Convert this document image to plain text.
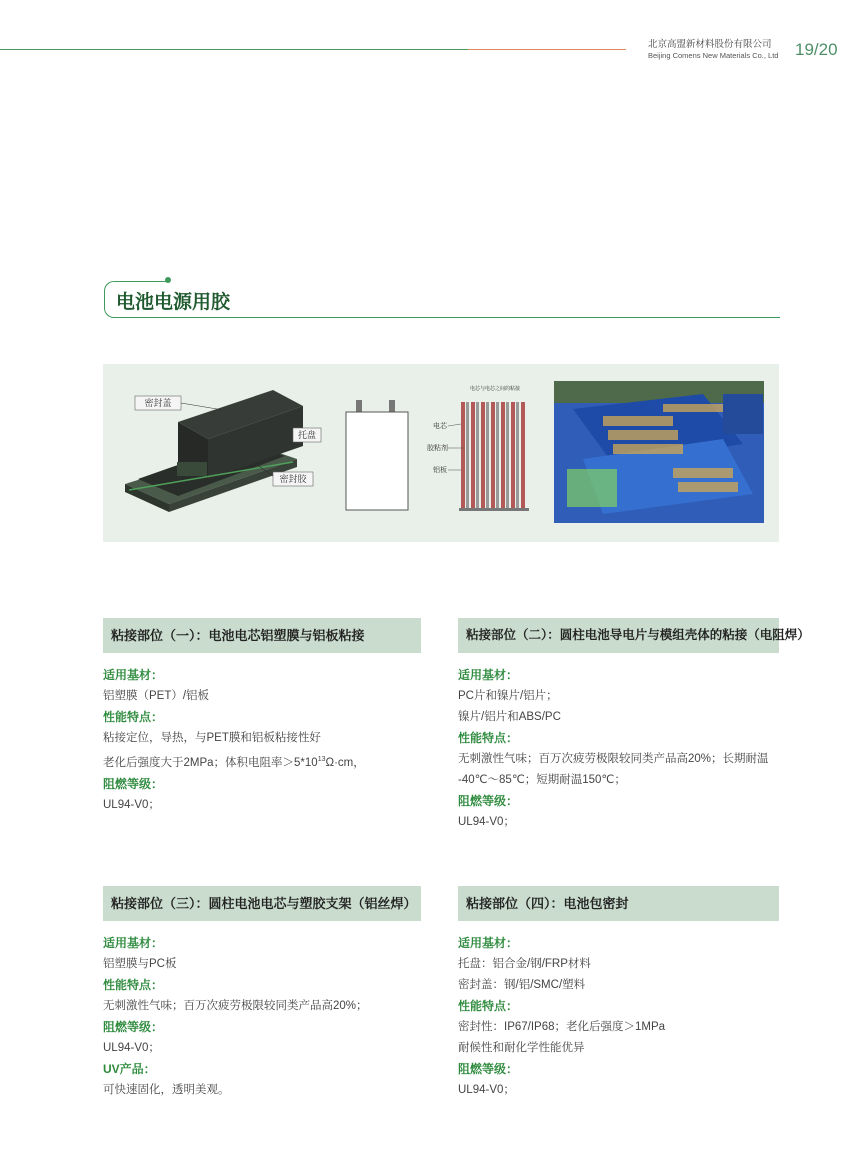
北京高盟新材料股份有限公司
Beijing Comens New Materials Co., Ltd 19/20
电池电源用胶
密封盖
托盘
密封胶
电芯与电芯之间的粘接
电芯
胶粘剂
铝板
粘接部位（一）：电池电芯铝塑膜与铝板粘接
适用基材：
铝塑膜（PET）/铝板
性能特点：
粘接定位，导热，与PET膜和铝板粘接性好
老化后强度大于2MPa；体积电阻率$>5*10^{13}\Omega\cdot cm$，
阻燃等级：
UL94-V0；
粘接部位（二）：圆柱电池导电片与模组壳体的粘接（电阻焊）
适用基材：
PC片和镍片/铝片；
镍片/铝片和ABS/PC
性能特点：
无刺激性气味；百万次疲劳极限较同类产品高20%；长期耐温
-40℃～85℃；短期耐温150℃；
阻燃等级：
UL94-V0；
粘接部位（三）：圆柱电池电芯与塑胶支架（铝丝焊）
适用基材：
铝塑膜与PC板
性能特点：
无刺激性气味；百万次疲劳极限较同类产品高20%；
阻燃等级：
UL94-V0；
UV产品：
可快速固化，透明美观。
粘接部位（四）：电池包密封
适用基材：
托盘：铝合金/钢/FRP材料
密封盖：钢/铝/SMC/塑料
性能特点：
密封性：IP67/IP68；老化后强度＞1MPa
耐候性和耐化学性能优异
阻燃等级：
UL94-V0；
